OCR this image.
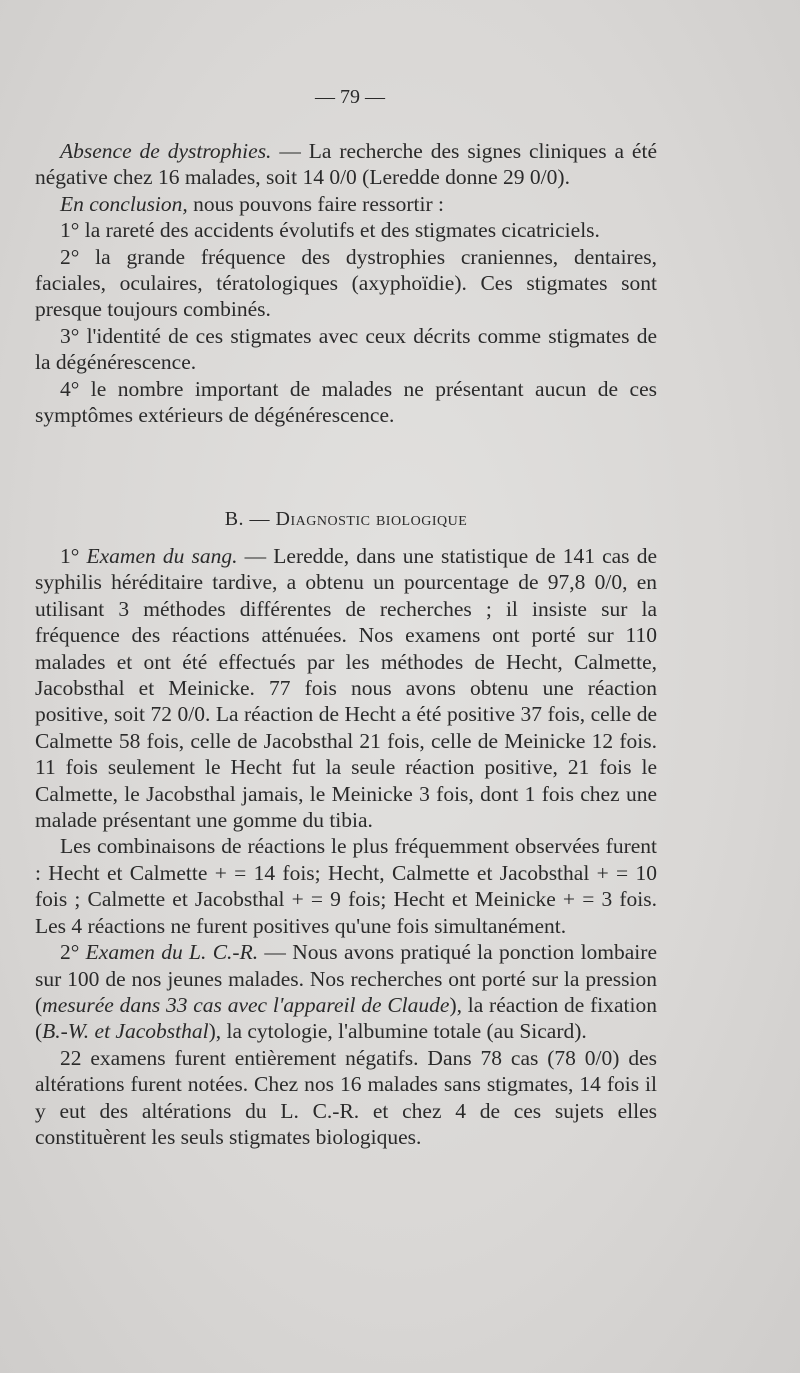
— 79 —

Absence de dystrophies. — La recherche des signes cliniques a été négative chez 16 malades, soit 14 0/0 (Leredde donne 29 0/0).

En conclusion, nous pouvons faire ressortir :

1° la rareté des accidents évolutifs et des stigmates cicatriciels.

2° la grande fréquence des dystrophies craniennes, dentaires, faciales, oculaires, tératologiques (axyphoïdie). Ces stigmates sont presque toujours combinés.

3° l'identité de ces stigmates avec ceux décrits comme stigmates de la dégénérescence.

4° le nombre important de malades ne présentant aucun de ces symptômes extérieurs de dégénérescence.

B. — Diagnostic biologique

1° Examen du sang. — Leredde, dans une statistique de 141 cas de syphilis héréditaire tardive, a obtenu un pourcentage de 97,8 0/0, en utilisant 3 méthodes différentes de recherches ; il insiste sur la fréquence des réactions atténuées. Nos examens ont porté sur 110 malades et ont été effectués par les méthodes de Hecht, Calmette, Jacobsthal et Meinicke. 77 fois nous avons obtenu une réaction positive, soit 72 0/0. La réaction de Hecht a été positive 37 fois, celle de Calmette 58 fois, celle de Jacobsthal 21 fois, celle de Meinicke 12 fois. 11 fois seulement le Hecht fut la seule réaction positive, 21 fois le Calmette, le Jacobsthal jamais, le Meinicke 3 fois, dont 1 fois chez une malade présentant une gomme du tibia.

Les combinaisons de réactions le plus fréquemment observées furent : Hecht et Calmette + = 14 fois; Hecht, Calmette et Jacobsthal + = 10 fois ; Calmette et Jacobsthal + = 9 fois; Hecht et Meinicke + = 3 fois. Les 4 réactions ne furent positives qu'une fois simultanément.

2° Examen du L. C.-R. — Nous avons pratiqué la ponction lombaire sur 100 de nos jeunes malades. Nos recherches ont porté sur la pression (mesurée dans 33 cas avec l'appareil de Claude), la réaction de fixation (B.-W. et Jacobsthal), la cytologie, l'albumine totale (au Sicard).

22 examens furent entièrement négatifs. Dans 78 cas (78 0/0) des altérations furent notées. Chez nos 16 malades sans stigmates, 14 fois il y eut des altérations du L. C.-R. et chez 4 de ces sujets elles constituèrent les seuls stigmates biologiques.
